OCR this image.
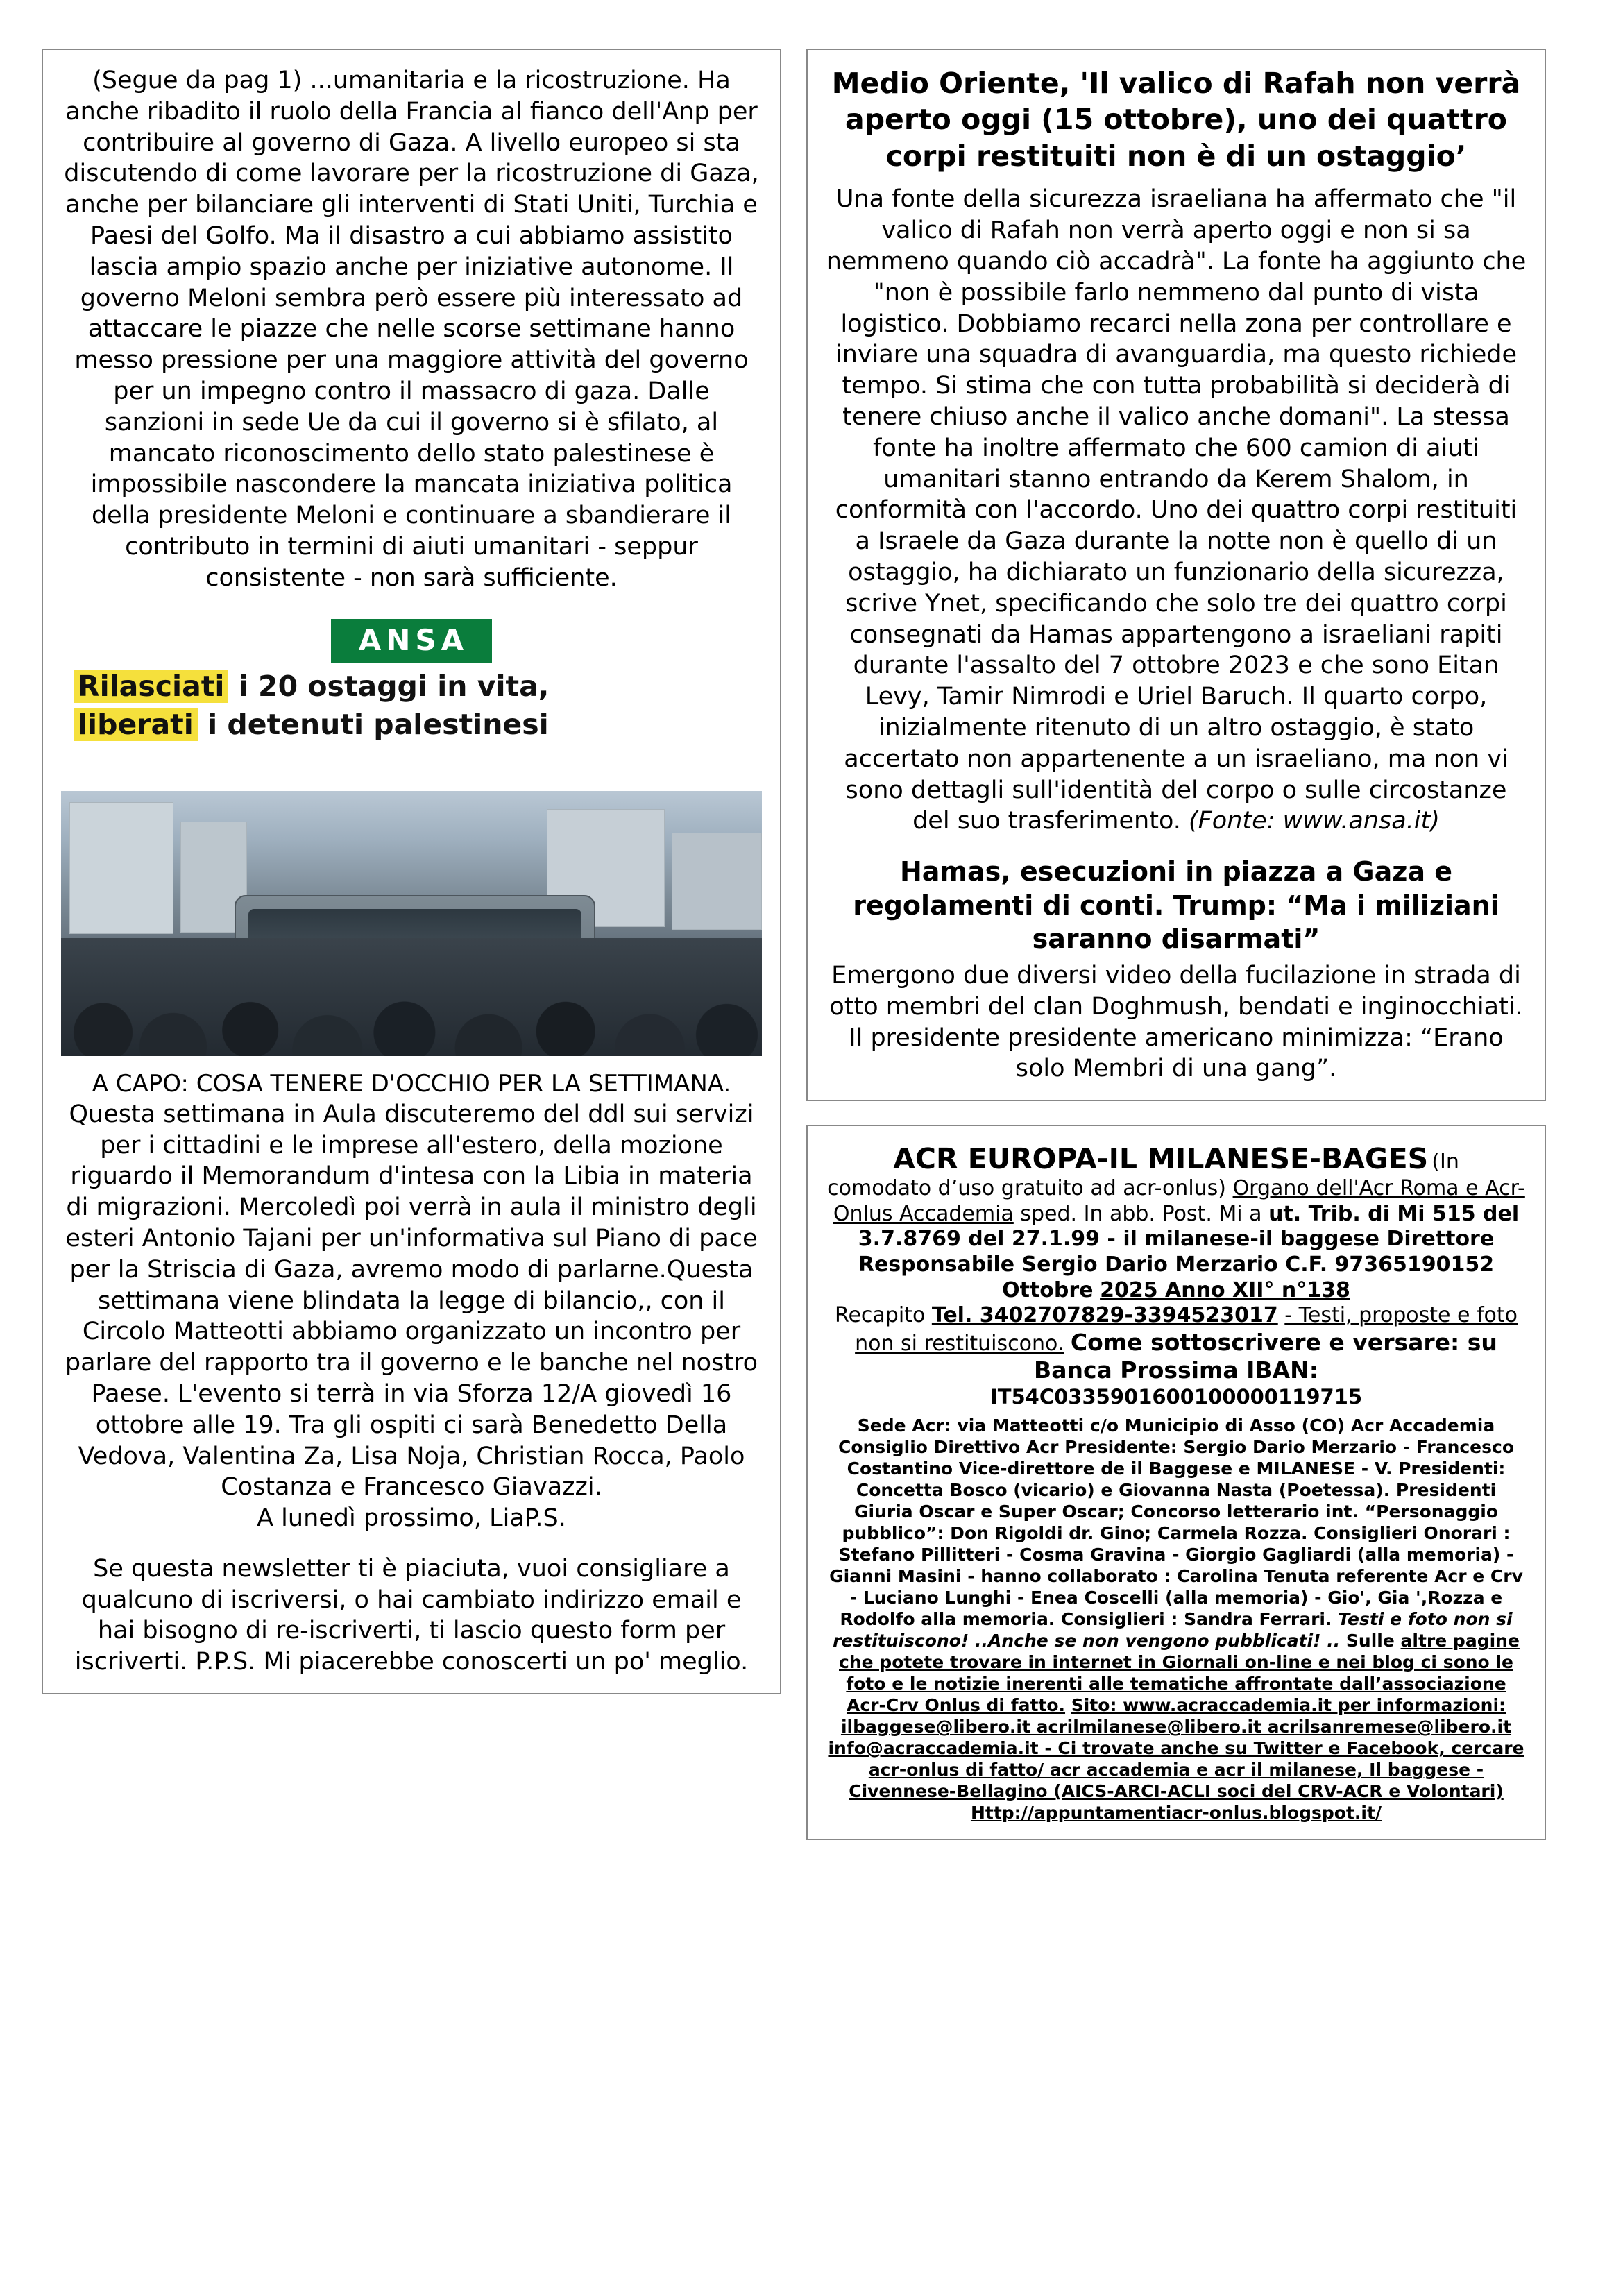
(Segue da pag 1) ...umanitaria e la ricostruzione. Ha anche ribadito il ruolo della Francia al fianco dell'Anp per contribuire al governo di Gaza. A livello europeo si sta discutendo di come lavorare per la ricostruzione di Gaza, anche per bilanciare gli interventi di Stati Uniti, Turchia e Paesi del Golfo. Ma il disastro a cui abbiamo assistito lascia ampio spazio anche per iniziative autonome. Il governo Meloni sembra però essere più interessato ad attaccare le piazze che nelle scorse settimane hanno messo pressione per una maggiore attività del governo per un impegno contro il massacro di gaza. Dalle sanzioni in sede Ue da cui il governo si è sfilato, al mancato riconoscimento dello stato palestinese è impossibile nascondere la mancata iniziativa politica della presidente Meloni e continuare a sbandierare il contributo in termini di aiuti umanitari - seppur consistente - non sarà sufficiente.

ANSA
Rilasciati i 20 ostaggi in vita,
liberati i detenuti palestinesi

A CAPO: COSA TENERE D'OCCHIO PER LA SETTIMANA.

Questa settimana in Aula discuteremo del ddl sui servizi per i cittadini e le imprese all'estero, della mozione riguardo il Memorandum d'intesa con la Libia in materia di migrazioni. Mercoledì poi verrà in aula il ministro degli esteri Antonio Tajani per un'informativa sul Piano di pace per la Striscia di Gaza, avremo modo di parlarne.Questa settimana viene blindata la legge di bilancio,, con il Circolo Matteotti abbiamo organizzato un incontro per parlare del rapporto tra il governo e le banche nel nostro Paese. L'evento si terrà in via Sforza 12/A giovedì 16 ottobre alle 19. Tra gli ospiti ci sarà Benedetto Della Vedova, Valentina Za, Lisa Noja, Christian Rocca, Paolo Costanza e Francesco Giavazzi.

A lunedì prossimo, LiaP.S.

Se questa newsletter ti è piaciuta, vuoi consigliare a qualcuno di iscriversi, o hai cambiato indirizzo email e hai bisogno di re-iscriverti, ti lascio questo form per iscriverti. P.P.S. Mi piacerebbe conoscerti un po' meglio.

Medio Oriente, 'Il valico di Rafah non verrà aperto oggi (15 ottobre), uno dei quattro corpi restituiti non è di un ostaggio’

Una fonte della sicurezza israeliana ha affermato che "il valico di Rafah non verrà aperto oggi e non si sa nemmeno quando ciò accadrà". La fonte ha aggiunto che "non è possibile farlo nemmeno dal punto di vista logistico. Dobbiamo recarci nella zona per controllare e inviare una squadra di avanguardia, ma questo richiede tempo. Si stima che con tutta probabilità si deciderà di tenere chiuso anche il valico anche domani". La stessa fonte ha inoltre affermato che 600 camion di aiuti umanitari stanno entrando da Kerem Shalom, in conformità con l'accordo. Uno dei quattro corpi restituiti a Israele da Gaza durante la notte non è quello di un ostaggio, ha dichiarato un funzionario della sicurezza, scrive Ynet, specificando che solo tre dei quattro corpi consegnati da Hamas appartengono a israeliani rapiti durante l'assalto del 7 ottobre 2023 e che sono Eitan Levy, Tamir Nimrodi e Uriel Baruch. Il quarto corpo, inizialmente ritenuto di un altro ostaggio, è stato accertato non appartenente a un israeliano, ma non vi sono dettagli sull'identità del corpo o sulle circostanze del suo trasferimento. (Fonte: www.ansa.it)

Hamas, esecuzioni in piazza a Gaza e regolamenti di conti. Trump: “Ma i miliziani saranno disarmati”

Emergono due diversi video della fucilazione in strada di otto membri del clan Doghmush, bendati e inginocchiati. Il presidente presidente americano minimizza: “Erano solo Membri di una gang”.

ACR EUROPA-IL MILANESE-BAGES (In
comodato d’uso gratuito ad acr-onlus) Organo dell'Acr Roma e Acr-Onlus Accademia sped. In abb. Post. Mi a ut. Trib. di Mi 515 del 3.7.8769 del 27.1.99 - il milanese-il baggese Direttore Responsabile Sergio Dario Merzario C.F. 97365190152 Ottobre 2025 Anno XII° n°138
Recapito Tel. 3402707829-3394523017 - Testi, proposte e foto non si restituiscono. Come sottoscrivere e versare: su Banca Prossima IBAN:
IT54C0335901600100000119715
Sede Acr: via Matteotti c/o Municipio di Asso (CO) Acr Accademia Consiglio Direttivo Acr Presidente: Sergio Dario Merzario - Francesco Costantino Vice-direttore de il Baggese e MILANESE - V. Presidenti: Concetta Bosco (vicario) e Giovanna Nasta (Poetessa). Presidenti Giuria Oscar e Super Oscar; Concorso letterario int. “Personaggio pubblico”: Don Rigoldi dr. Gino; Carmela Rozza. Consiglieri Onorari : Stefano Pillitteri - Cosma Gravina - Giorgio Gagliardi (alla memoria) - Gianni Masini - hanno collaborato : Carolina Tenuta referente Acr e Crv - Luciano Lunghi - Enea Coscelli (alla memoria) - Gio', Gia ',Rozza e Rodolfo alla memoria. Consiglieri : Sandra Ferrari. Testi e foto non si restituiscono! ..Anche se non vengono pubblicati! .. Sulle altre pagine che potete trovare in internet in Giornali on-line e nei blog ci sono le foto e le notizie inerenti alle tematiche affrontate dall’associazione Acr-Crv Onlus di fatto. Sito: www.acraccademia.it per informazioni: ilbaggese@libero.it acrilmilanese@libero.it acrilsanremese@libero.it info@acraccademia.it - Ci trovate anche su Twitter e Facebook, cercare acr-onlus di fatto/ acr accademia e acr il milanese, Il baggese - Civennese-Bellagino (AICS-ARCI-ACLI soci del CRV-ACR e Volontari) Http://appuntamentiacr-onlus.blogspot.it/
